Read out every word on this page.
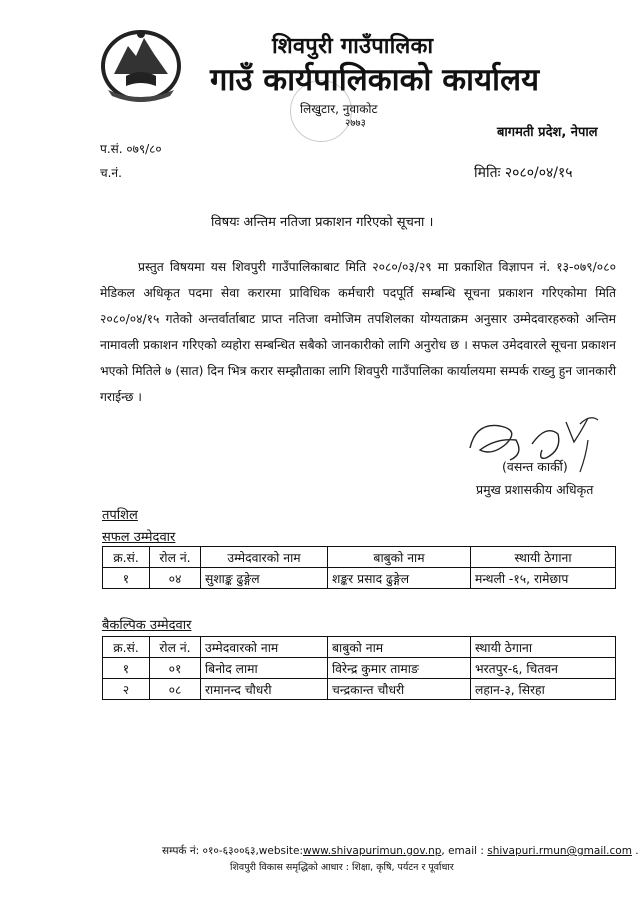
शिवपुरी गाउँपालिका
गाउँ कार्यपालिकाको कार्यालय
लिखुटार, नुवाकोट
२७७३
बागमती प्रदेश, नेपाल
प.सं. ०७९/८०
च.नं.	मितिः २०८०/०४/१५
विषयः अन्तिम नतिजा प्रकाशन गरिएको सूचना ।
प्रस्तुत विषयमा यस शिवपुरी गाउँपालिकाबाट मिति २०८०/०३/२९ मा प्रकाशित विज्ञापन नं. १३-०७९/०८० मेडिकल अधिकृत पदमा सेवा करारमा प्राविधिक कर्मचारी पदपूर्ति सम्बन्धि सूचना प्रकाशन गरिएकोमा मिति २०८०/०४/१५ गतेको अन्तर्वार्ताबाट प्राप्त नतिजा वमोजिम तपशिलका योग्यताक्रम अनुसार उम्मेदवारहरुको अन्तिम नामावली प्रकाशन गरिएको व्यहोरा सम्बन्धित सबैको जानकारीको लागि अनुरोध छ । सफल उमेदवारले सूचना प्रकाशन भएको मितिले ७ (सात) दिन भित्र करार सम्झौताका लागि शिवपुरी गाउँपालिका कार्यालयमा सम्पर्क राख्नु हुन जानकारी गराईन्छ ।
(वसन्त कार्की)
प्रमुख प्रशासकीय अधिकृत
तपशिल
सफल उम्मेदवार
क्र.सं.	रोल नं.	उम्मेदवारको नाम	बाबुको नाम	स्थायी ठेगाना
१	०४	सुशाङ्क ढुङ्गेल	शङ्कर प्रसाद ढुङ्गेल	मन्थली -१५, रामेछाप
बैकल्पिक उम्मेदवार
क्र.सं.	रोल नं.	उम्मेदवारको नाम	बाबुको नाम	स्थायी ठेगाना
१	०१	बिनोद लामा	विरेन्द्र कुमार तामाङ	भरतपुर-६, चितवन
२	०८	रामानन्द चौधरी	चन्द्रकान्त चौधरी	लहान-३, सिरहा
सम्पर्क नं: ०१०-६३००६३,website:www.shivapurimun.gov.np, email : shivapuri.rmun@gmail.com .
शिवपुरी विकास समृद्धिको आधार : शिक्षा, कृषि, पर्यटन र पूर्वाधार
